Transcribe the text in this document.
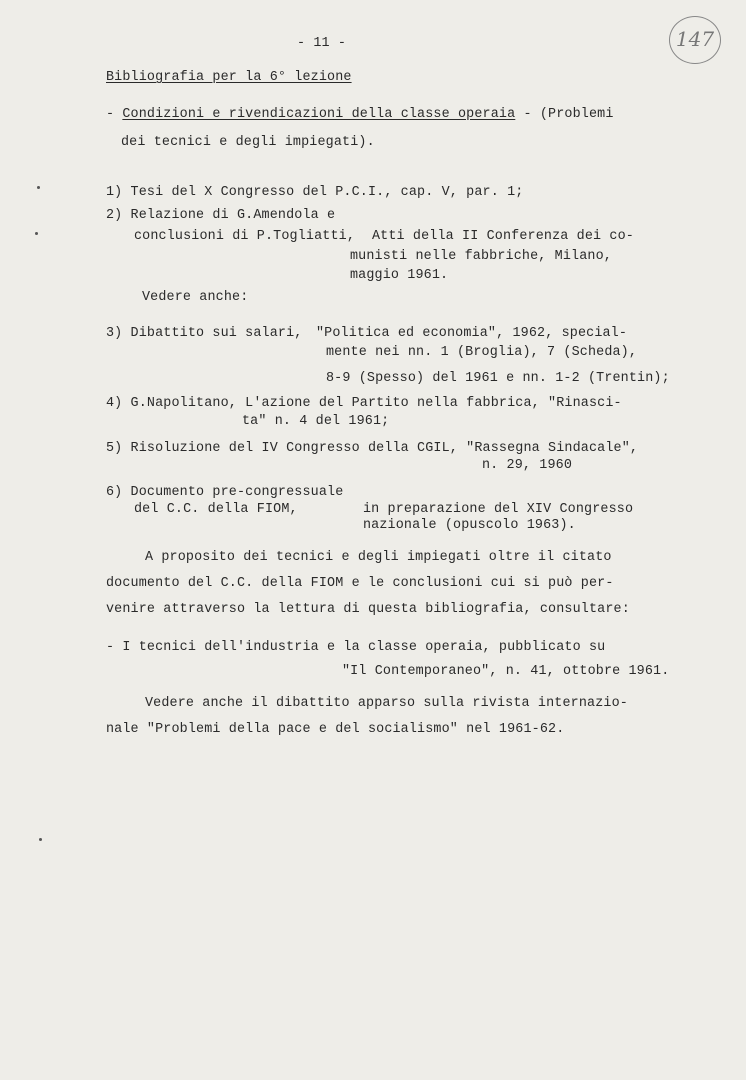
- 11 -	147
Bibliografia per la 6° lezione
- Condizioni e rivendicazioni della classe operaia - (Problemi
dei tecnici e degli impiegati).
1) Tesi del X Congresso del P.C.I., cap. V, par. 1;
2) Relazione di G.Amendola e
conclusioni di P.Togliatti, Atti della II Conferenza dei co-
munisti nelle fabbriche, Milano,
maggio 1961.
Vedere anche:
3) Dibattito sui salari, "Politica ed economia", 1962, special-
mente nei nn. 1 (Broglia), 7 (Scheda),
8-9 (Spesso) del 1961 e nn. 1-2 (Trentin);
4) G.Napolitano, L'azione del Partito nella fabbrica, "Rinasci-
ta" n. 4 del 1961;
5) Risoluzione del IV Congresso della CGIL, "Rassegna Sindacale",
n. 29, 1960
6) Documento pre-congressuale
del C.C. della FIOM,	in preparazione del XIV Congresso
nazionale (opuscolo 1963).
A proposito dei tecnici e degli impiegati oltre il citato
documento del C.C. della FIOM e le conclusioni cui si può per-
venire attraverso la lettura di questa bibliografia, consultare:
- I tecnici dell'industria e la classe operaia, pubblicato su
"Il Contemporaneo", n. 41, ottobre 1961.
Vedere anche il dibattito apparso sulla rivista internazio-
nale "Problemi della pace e del socialismo" nel 1961-62.
